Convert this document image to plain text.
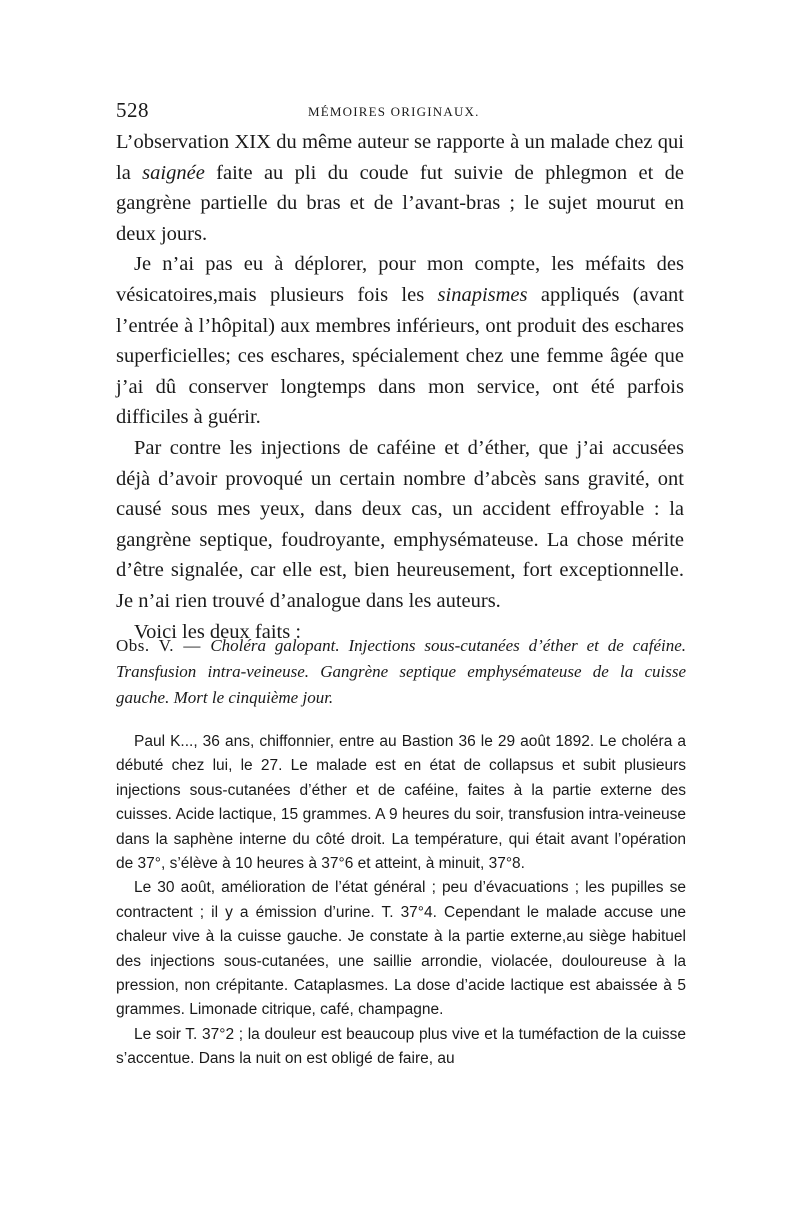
528	MÉMOIRES ORIGINAUX.

L’observation XIX du même auteur se rapporte à un malade chez qui la saignée faite au pli du coude fut suivie de phlegmon et de gangrène partielle du bras et de l’avant-bras ; le sujet mourut en deux jours.

Je n’ai pas eu à déplorer, pour mon compte, les méfaits des vésicatoires,mais plusieurs fois les sinapismes appliqués (avant l’entrée à l’hôpital) aux membres inférieurs, ont produit des eschares superficielles; ces eschares, spécialement chez une femme âgée que j’ai dû conserver longtemps dans mon service, ont été parfois difficiles à guérir.

Par contre les injections de caféine et d’éther, que j’ai accusées déjà d’avoir provoqué un certain nombre d’abcès sans gravité, ont causé sous mes yeux, dans deux cas, un accident effroyable : la gangrène septique, foudroyante, emphysémateuse. La chose mérite d’être signalée, car elle est, bien heureusement, fort exceptionnelle. Je n’ai rien trouvé d’analogue dans les auteurs.

Voici les deux faits :

Obs. V. — Choléra galopant. Injections sous-cutanées d’éther et de caféine. Transfusion intra-veineuse. Gangrène septique emphysémateuse de la cuisse gauche. Mort le cinquième jour.

Paul K..., 36 ans, chiffonnier, entre au Bastion 36 le 29 août 1892. Le choléra a débuté chez lui, le 27. Le malade est en état de collapsus et subit plusieurs injections sous-cutanées d’éther et de caféine, faites à la partie externe des cuisses. Acide lactique, 15 grammes. A 9 heures du soir, transfusion intra-veineuse dans la saphène interne du côté droit. La température, qui était avant l’opération de 37°, s’élève à 10 heures à 37°6 et atteint, à minuit, 37°8.

Le 30 août, amélioration de l’état général ; peu d’évacuations ; les pupilles se contractent ; il y a émission d’urine. T. 37°4. Cependant le malade accuse une chaleur vive à la cuisse gauche. Je constate à la partie externe,au siège habituel des injections sous-cutanées, une saillie arrondie, violacée, douloureuse à la pression, non crépitante. Cataplasmes. La dose d’acide lactique est abaissée à 5 grammes. Limonade citrique, café, champagne.

Le soir T. 37°2 ; la douleur est beaucoup plus vive et la tuméfaction de la cuisse s’accentue. Dans la nuit on est obligé de faire, au
